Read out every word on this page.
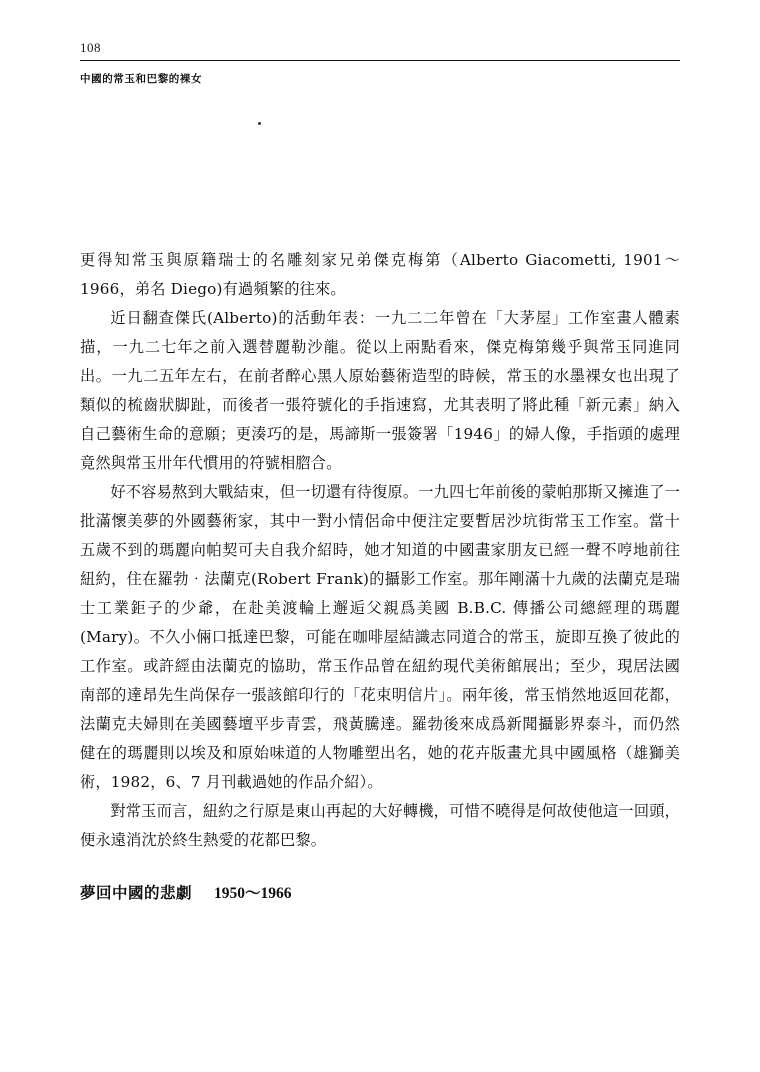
108
中國的常玉和巴黎的裸女

更得知常玉與原籍瑞士的名雕刻家兄弟傑克梅第（Alberto Giacometti, 1901～1966，弟名 Diego)有過頻繁的往來。

近日翻查傑氏(Alberto)的活動年表：一九二二年曾在「大茅屋」工作室畫人體素描，一九二七年之前入選替麗勒沙龍。從以上兩點看來，傑克梅第幾乎與常玉同進同出。一九二五年左右，在前者醉心黑人原始藝術造型的時候，常玉的水墨裸女也出現了類似的梳齒狀脚趾，而後者一張符號化的手指速寫，尤其表明了將此種「新元素」納入自己藝術生命的意願；更湊巧的是，馬諦斯一張簽署「1946」的婦人像，手指頭的處理竟然與常玉卅年代慣用的符號相脗合。

好不容易熬到大戰結束，但一切還有待復原。一九四七年前後的蒙帕那斯又擁進了一批滿懷美夢的外國藝術家，其中一對小情侶命中便注定要暫居沙坑街常玉工作室。當十五歲不到的瑪麗向帕契可夫自我介紹時，她才知道的中國畫家朋友已經一聲不哼地前往紐約，住在羅勃‧法蘭克(Robert Frank)的攝影工作室。那年剛滿十九歲的法蘭克是瑞士工業鉅子的少爺，在赴美渡輪上邂逅父親爲美國 B.B.C. 傳播公司總經理的瑪麗(Mary)。不久小倆口抵達巴黎，可能在咖啡屋結識志同道合的常玉，旋即互換了彼此的工作室。或許經由法蘭克的協助，常玉作品曾在紐約現代美術館展出；至少，現居法國南部的達昂先生尚保存一張該館印行的「花束明信片」。兩年後，常玉悄然地返回花都，法蘭克夫婦則在美國藝壇平步青雲，飛黃騰達。羅勃後來成爲新聞攝影界泰斗，而仍然健在的瑪麗則以埃及和原始味道的人物雕塑出名，她的花卉版畫尤具中國風格（雄獅美術，1982，6、7 月刊載過她的作品介紹）。

對常玉而言，紐約之行原是東山再起的大好轉機，可惜不曉得是何故使他這一回頭，便永遠消沈於終生熱愛的花都巴黎。

夢回中國的悲劇 1950～1966
